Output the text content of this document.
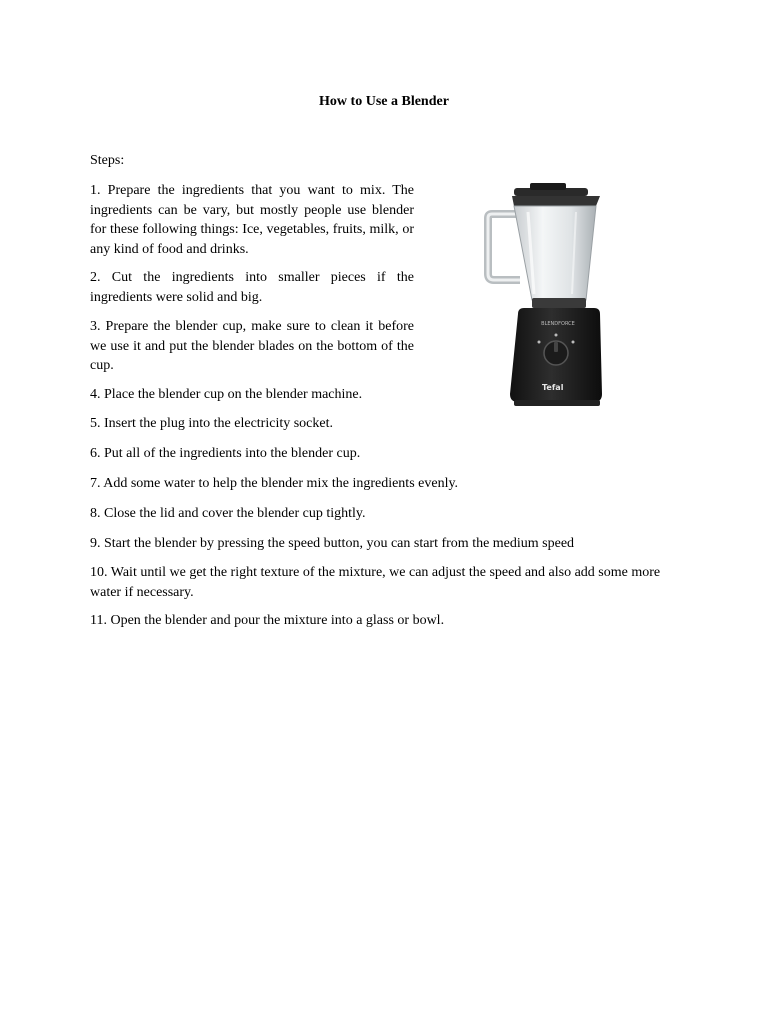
How to Use a Blender
Steps:

1. Prepare the ingredients that you want to mix. The ingredients can be vary, but mostly people use blender for these following things: Ice, vegetables, fruits, milk, or any kind of food and drinks.

2. Cut the ingredients into smaller pieces if the ingredients were solid and big.

3. Prepare the blender cup, make sure to clean it before we use it and put the blender blades on the bottom of the cup.

4. Place the blender cup on the blender machine.

5. Insert the plug into the electricity socket.

6. Put all of the ingredients into the blender cup.

7. Add some water to help the blender mix the ingredients evenly.

8. Close the lid and cover the blender cup tightly.

9. Start the blender by pressing the speed button, you can start from the medium speed

10. Wait until we get the right texture of the mixture, we can adjust the speed and also add some more water if necessary.

11. Open the blender and pour the mixture into a glass or bowl.

BLENDFORCE
Tefal
